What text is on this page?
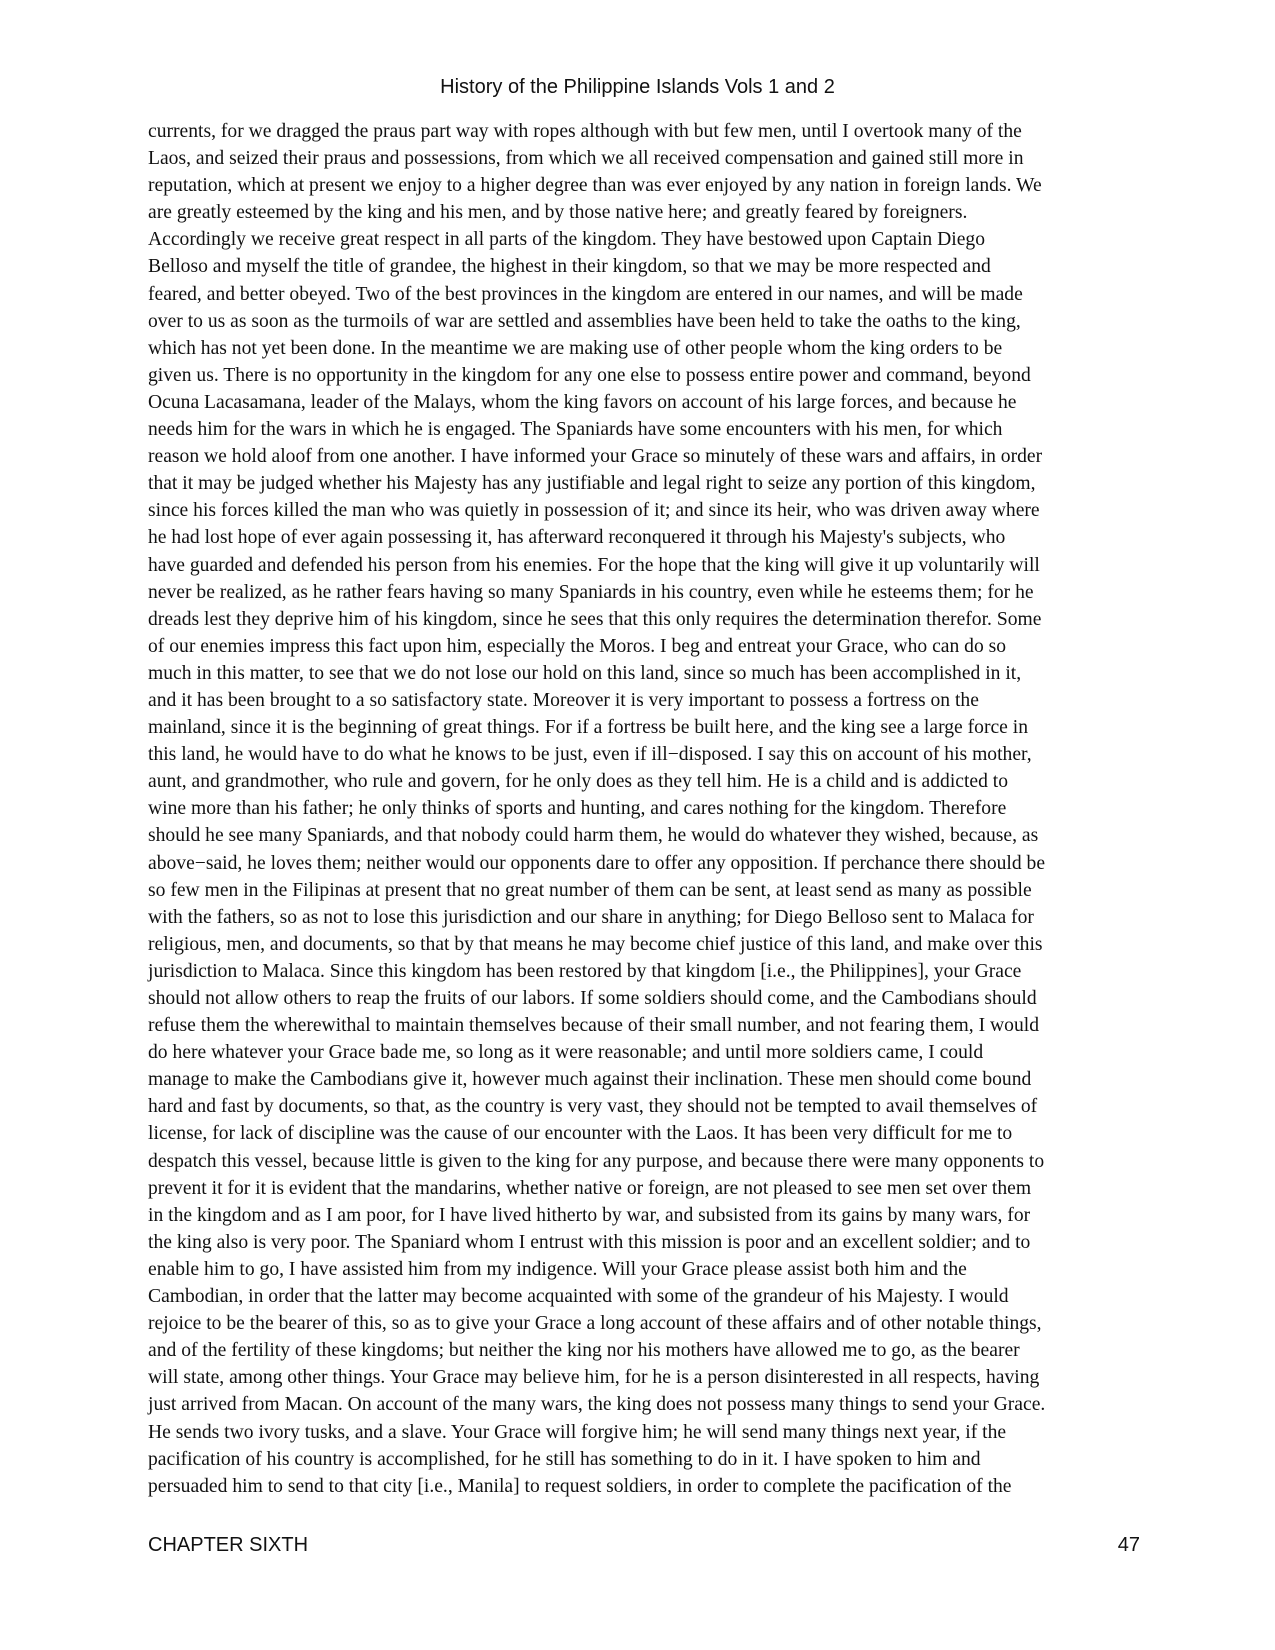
History of the Philippine Islands Vols 1 and 2
currents, for we dragged the praus part way with ropes although with but few men, until I overtook many of the
Laos, and seized their praus and possessions, from which we all received compensation and gained still more in
reputation, which at present we enjoy to a higher degree than was ever enjoyed by any nation in foreign lands. We
are greatly esteemed by the king and his men, and by those native here; and greatly feared by foreigners.
Accordingly we receive great respect in all parts of the kingdom. They have bestowed upon Captain Diego
Belloso and myself the title of grandee, the highest in their kingdom, so that we may be more respected and
feared, and better obeyed. Two of the best provinces in the kingdom are entered in our names, and will be made
over to us as soon as the turmoils of war are settled and assemblies have been held to take the oaths to the king,
which has not yet been done. In the meantime we are making use of other people whom the king orders to be
given us. There is no opportunity in the kingdom for any one else to possess entire power and command, beyond
Ocuna Lacasamana, leader of the Malays, whom the king favors on account of his large forces, and because he
needs him for the wars in which he is engaged. The Spaniards have some encounters with his men, for which
reason we hold aloof from one another. I have informed your Grace so minutely of these wars and affairs, in order
that it may be judged whether his Majesty has any justifiable and legal right to seize any portion of this kingdom,
since his forces killed the man who was quietly in possession of it; and since its heir, who was driven away where
he had lost hope of ever again possessing it, has afterward reconquered it through his Majesty's subjects, who
have guarded and defended his person from his enemies. For the hope that the king will give it up voluntarily will
never be realized, as he rather fears having so many Spaniards in his country, even while he esteems them; for he
dreads lest they deprive him of his kingdom, since he sees that this only requires the determination therefor. Some
of our enemies impress this fact upon him, especially the Moros. I beg and entreat your Grace, who can do so
much in this matter, to see that we do not lose our hold on this land, since so much has been accomplished in it,
and it has been brought to a so satisfactory state. Moreover it is very important to possess a fortress on the
mainland, since it is the beginning of great things. For if a fortress be built here, and the king see a large force in
this land, he would have to do what he knows to be just, even if ill−disposed. I say this on account of his mother,
aunt, and grandmother, who rule and govern, for he only does as they tell him. He is a child and is addicted to
wine more than his father; he only thinks of sports and hunting, and cares nothing for the kingdom. Therefore
should he see many Spaniards, and that nobody could harm them, he would do whatever they wished, because, as
above−said, he loves them; neither would our opponents dare to offer any opposition. If perchance there should be
so few men in the Filipinas at present that no great number of them can be sent, at least send as many as possible
with the fathers, so as not to lose this jurisdiction and our share in anything; for Diego Belloso sent to Malaca for
religious, men, and documents, so that by that means he may become chief justice of this land, and make over this
jurisdiction to Malaca. Since this kingdom has been restored by that kingdom [i.e., the Philippines], your Grace
should not allow others to reap the fruits of our labors. If some soldiers should come, and the Cambodians should
refuse them the wherewithal to maintain themselves because of their small number, and not fearing them, I would
do here whatever your Grace bade me, so long as it were reasonable; and until more soldiers came, I could
manage to make the Cambodians give it, however much against their inclination. These men should come bound
hard and fast by documents, so that, as the country is very vast, they should not be tempted to avail themselves of
license, for lack of discipline was the cause of our encounter with the Laos. It has been very difficult for me to
despatch this vessel, because little is given to the king for any purpose, and because there were many opponents to
prevent it for it is evident that the mandarins, whether native or foreign, are not pleased to see men set over them
in the kingdom and as I am poor, for I have lived hitherto by war, and subsisted from its gains by many wars, for
the king also is very poor. The Spaniard whom I entrust with this mission is poor and an excellent soldier; and to
enable him to go, I have assisted him from my indigence. Will your Grace please assist both him and the
Cambodian, in order that the latter may become acquainted with some of the grandeur of his Majesty. I would
rejoice to be the bearer of this, so as to give your Grace a long account of these affairs and of other notable things,
and of the fertility of these kingdoms; but neither the king nor his mothers have allowed me to go, as the bearer
will state, among other things. Your Grace may believe him, for he is a person disinterested in all respects, having
just arrived from Macan. On account of the many wars, the king does not possess many things to send your Grace.
He sends two ivory tusks, and a slave. Your Grace will forgive him; he will send many things next year, if the
pacification of his country is accomplished, for he still has something to do in it. I have spoken to him and
persuaded him to send to that city [i.e., Manila] to request soldiers, in order to complete the pacification of the
CHAPTER SIXTH	47
